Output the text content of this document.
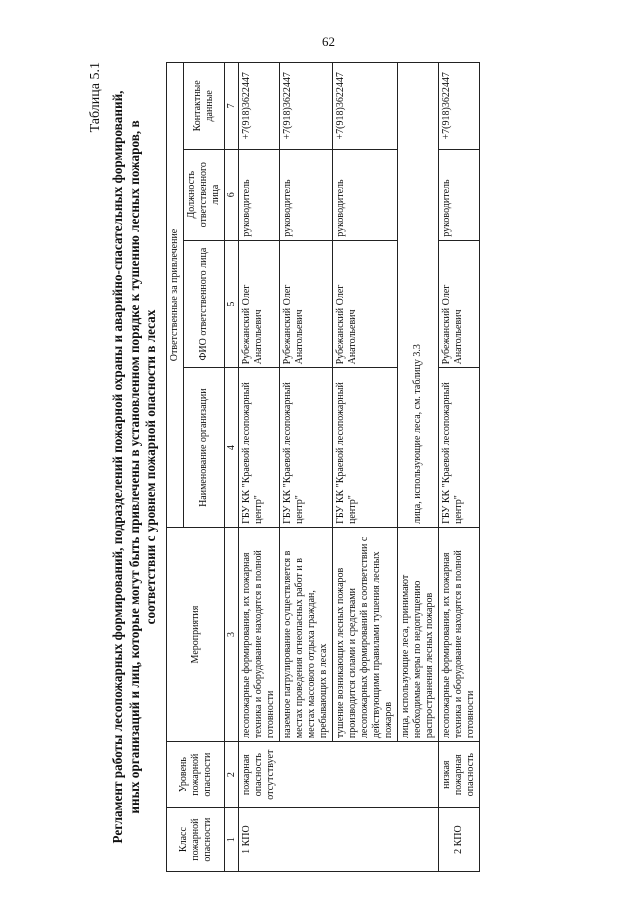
62
Таблица 5.1 Регламент работы лесопожарных формирований, подразделений пожарной охраны и аварийно-спасательных формирований, иных организаций и лиц, которые могут быть привлечены в установленном порядке к тушению лесных пожаров, в соответствии с уровнем пожарной опасности в лесах
Класс пожарной опасности	Уровень пожарной опасности	Мероприятия	Ответственные за привлечение			
			Наименование организации	ФИО ответственного лица	Должность ответственного лица	Контактные данные
1	2	3	4	5	6	7
1 КПО	пожарная опасность отсутствует	лесопожарные формирования, их пожарная техника и оборудование находятся в полной готовности	ГБУ КК "Краевой лесопожарный центр"	Рубежанский Олег Анатольевич	руководитель	+7(918)3622447
		наземное патрулирование осуществляется в местах проведения огнеопасных работ и в местах массового отдыха граждан, пребывающих в лесах	ГБУ КК "Краевой лесопожарный центр"	Рубежанский Олег Анатольевич	руководитель	+7(918)3622447
		тушение возникающих лесных пожаров производится силами и средствами лесопожарных формирований в соответствии с действующими правилами тушения лесных пожаров	ГБУ КК "Краевой лесопожарный центр"	Рубежанский Олег Анатольевич	руководитель	+7(918)3622447
		лица, использующие леса, принимают необходимые меры по недопущению распространения лесных пожаров	лица, использующие леса, см. таблицу 3.3			
2 КПО	низкая пожарная опасность	лесопожарные формирования, их пожарная техника и оборудование находятся в полной готовности	ГБУ КК "Краевой лесопожарный центр"	Рубежанский Олег Анатольевич	руководитель	+7(918)3622447
